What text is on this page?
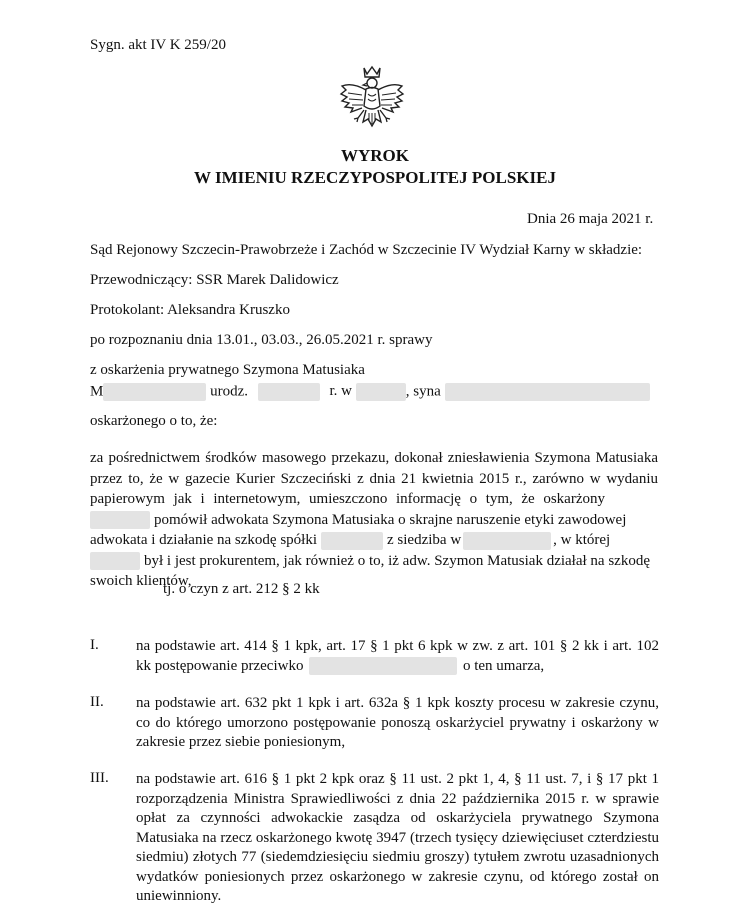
Sygn. akt IV K 259/20
WYROK
W IMIENIU RZECZYPOSPOLITEJ POLSKIEJ
Dnia 26 maja 2021 r.
Sąd Rejonowy Szczecin-Prawobrzeże i Zachód w Szczecinie IV Wydział Karny w składzie:
Przewodniczący: SSR Marek Dalidowicz
Protokolant: Aleksandra Kruszko
po rozpoznaniu dnia 13.01., 03.03., 26.05.2021 r. sprawy
z oskarżenia prywatnego Szymona Matusiaka
M	urodz.	r. w	, syna
oskarżonego o to, że:
za pośrednictwem środków masowego przekazu, dokonał zniesławienia Szymona Matusiaka
przez to, że w gazecie Kurier Szczeciński z dnia 21 kwietnia 2015 r., zarówno w wydaniu
papierowym jak i internetowym, umieszczono informację o tym, że oskarżony
pomówił adwokata Szymona Matusiaka o skrajne naruszenie etyki zawodowej
adwokata i działanie na szkodę spółki	z siedziba w	, w której
był i jest prokurentem, jak również o to, iż adw. Szymon Matusiak działał na szkodę
swoich klientów,
tj. o czyn z art. 212 § 2 kk
I. na podstawie art. 414 § 1 kpk, art. 17 § 1 pkt 6 kpk w zw. z art. 101 § 2 kk i art. 102
kk postępowanie przeciwko	o ten umarza,
II. na podstawie art. 632 pkt 1 kpk i art. 632a § 1 kpk koszty procesu w zakresie czynu,
co do którego umorzono postępowanie ponoszą oskarżyciel prywatny i oskarżony w
zakresie przez siebie poniesionym,
III. na podstawie art. 616 § 1 pkt 2 kpk oraz § 11 ust. 2 pkt 1, 4, § 11 ust. 7, i § 17 pkt 1
rozporządzenia Ministra Sprawiedliwości z dnia 22 października 2015 r. w sprawie
opłat za czynności adwokackie zasądza od oskarżyciela prywatnego Szymona
Matusiaka na rzecz oskarżonego kwotę 3947 (trzech tysięcy dziewięciuset czterdziestu
siedmiu) złotych 77 (siedemdziesięciu siedmiu groszy) tytułem zwrotu uzasadnionych
wydatków poniesionych przez oskarżonego w zakresie czynu, od którego został on
uniewinniony.
